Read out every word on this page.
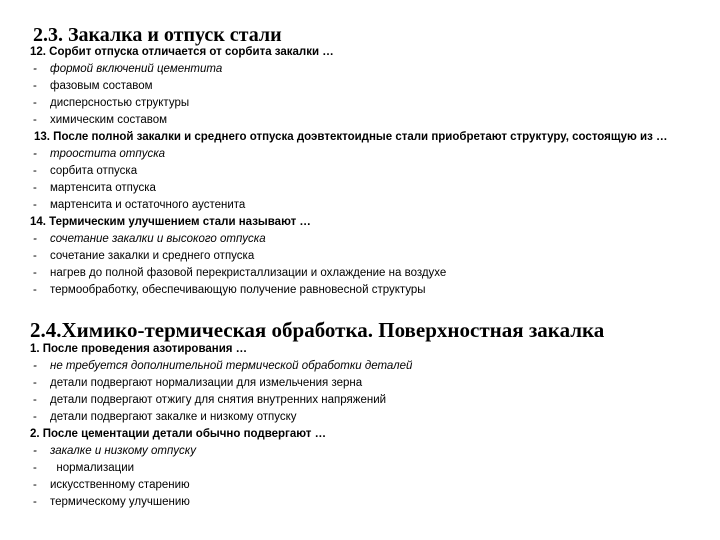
2.3. Закалка и отпуск стали
12. Сорбит отпуска отличается от сорбита закалки …
- формой включений цементита
- фазовым составом
- дисперсностью структуры
- химическим составом
13. После полной закалки и среднего отпуска доэвтектоидные стали приобретают структуру, состоящую из …
- троостита отпуска
- сорбита отпуска
- мартенсита отпуска
- мартенсита и остаточного аустенита
14. Термическим улучшением стали называют …
- сочетание закалки и высокого отпуска
- сочетание закалки и среднего отпуска
- нагрев до полной фазовой перекристаллизации и охлаждение на воздухе
- термообработку, обеспечивающую получение равновесной структуры
2.4.Химико-термическая обработка. Поверхностная закалка
1. После проведения азотирования …
- не требуется дополнительной термической обработки деталей
- детали подвергают нормализации для измельчения зерна
- детали подвергают отжигу для снятия внутренних напряжений
- детали подвергают закалке и низкому отпуску
2. После цементации детали обычно подвергают …
- закалке и низкому отпуску
-  нормализации
- искусственному старению
- термическому улучшению
